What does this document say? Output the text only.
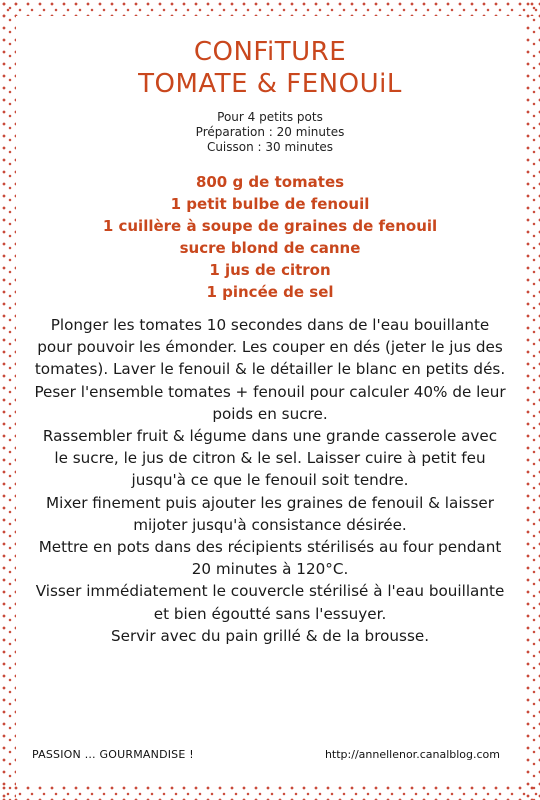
CONFiTURE
TOMATE & FENOUiL
Pour 4 petits pots
Préparation : 20 minutes
Cuisson : 30 minutes
800 g de tomates
1 petit bulbe de fenouil
1 cuillère à soupe de graines de fenouil
sucre blond de canne
1 jus de citron
1 pincée de sel

Plonger les tomates 10 secondes dans de l'eau bouillante pour pouvoir les émonder. Les couper en dés (jeter le jus des tomates). Laver le fenouil & le détailler le blanc en petits dés. Peser l'ensemble tomates + fenouil pour calculer 40% de leur poids en sucre.

Rassembler fruit & légume dans une grande casserole avec le sucre, le jus de citron & le sel. Laisser cuire à petit feu jusqu'à ce que le fenouil soit tendre.

Mixer finement puis ajouter les graines de fenouil & laisser mijoter jusqu'à consistance désirée.

Mettre en pots dans des récipients stérilisés au four pendant 20 minutes à 120°C.

Visser immédiatement le couvercle stérilisé à l'eau bouillante et bien égoutté sans l'essuyer.

Servir avec du pain grillé & de la brousse.

PASSION … GOURMANDISE !	http://annellenor.canalblog.com
